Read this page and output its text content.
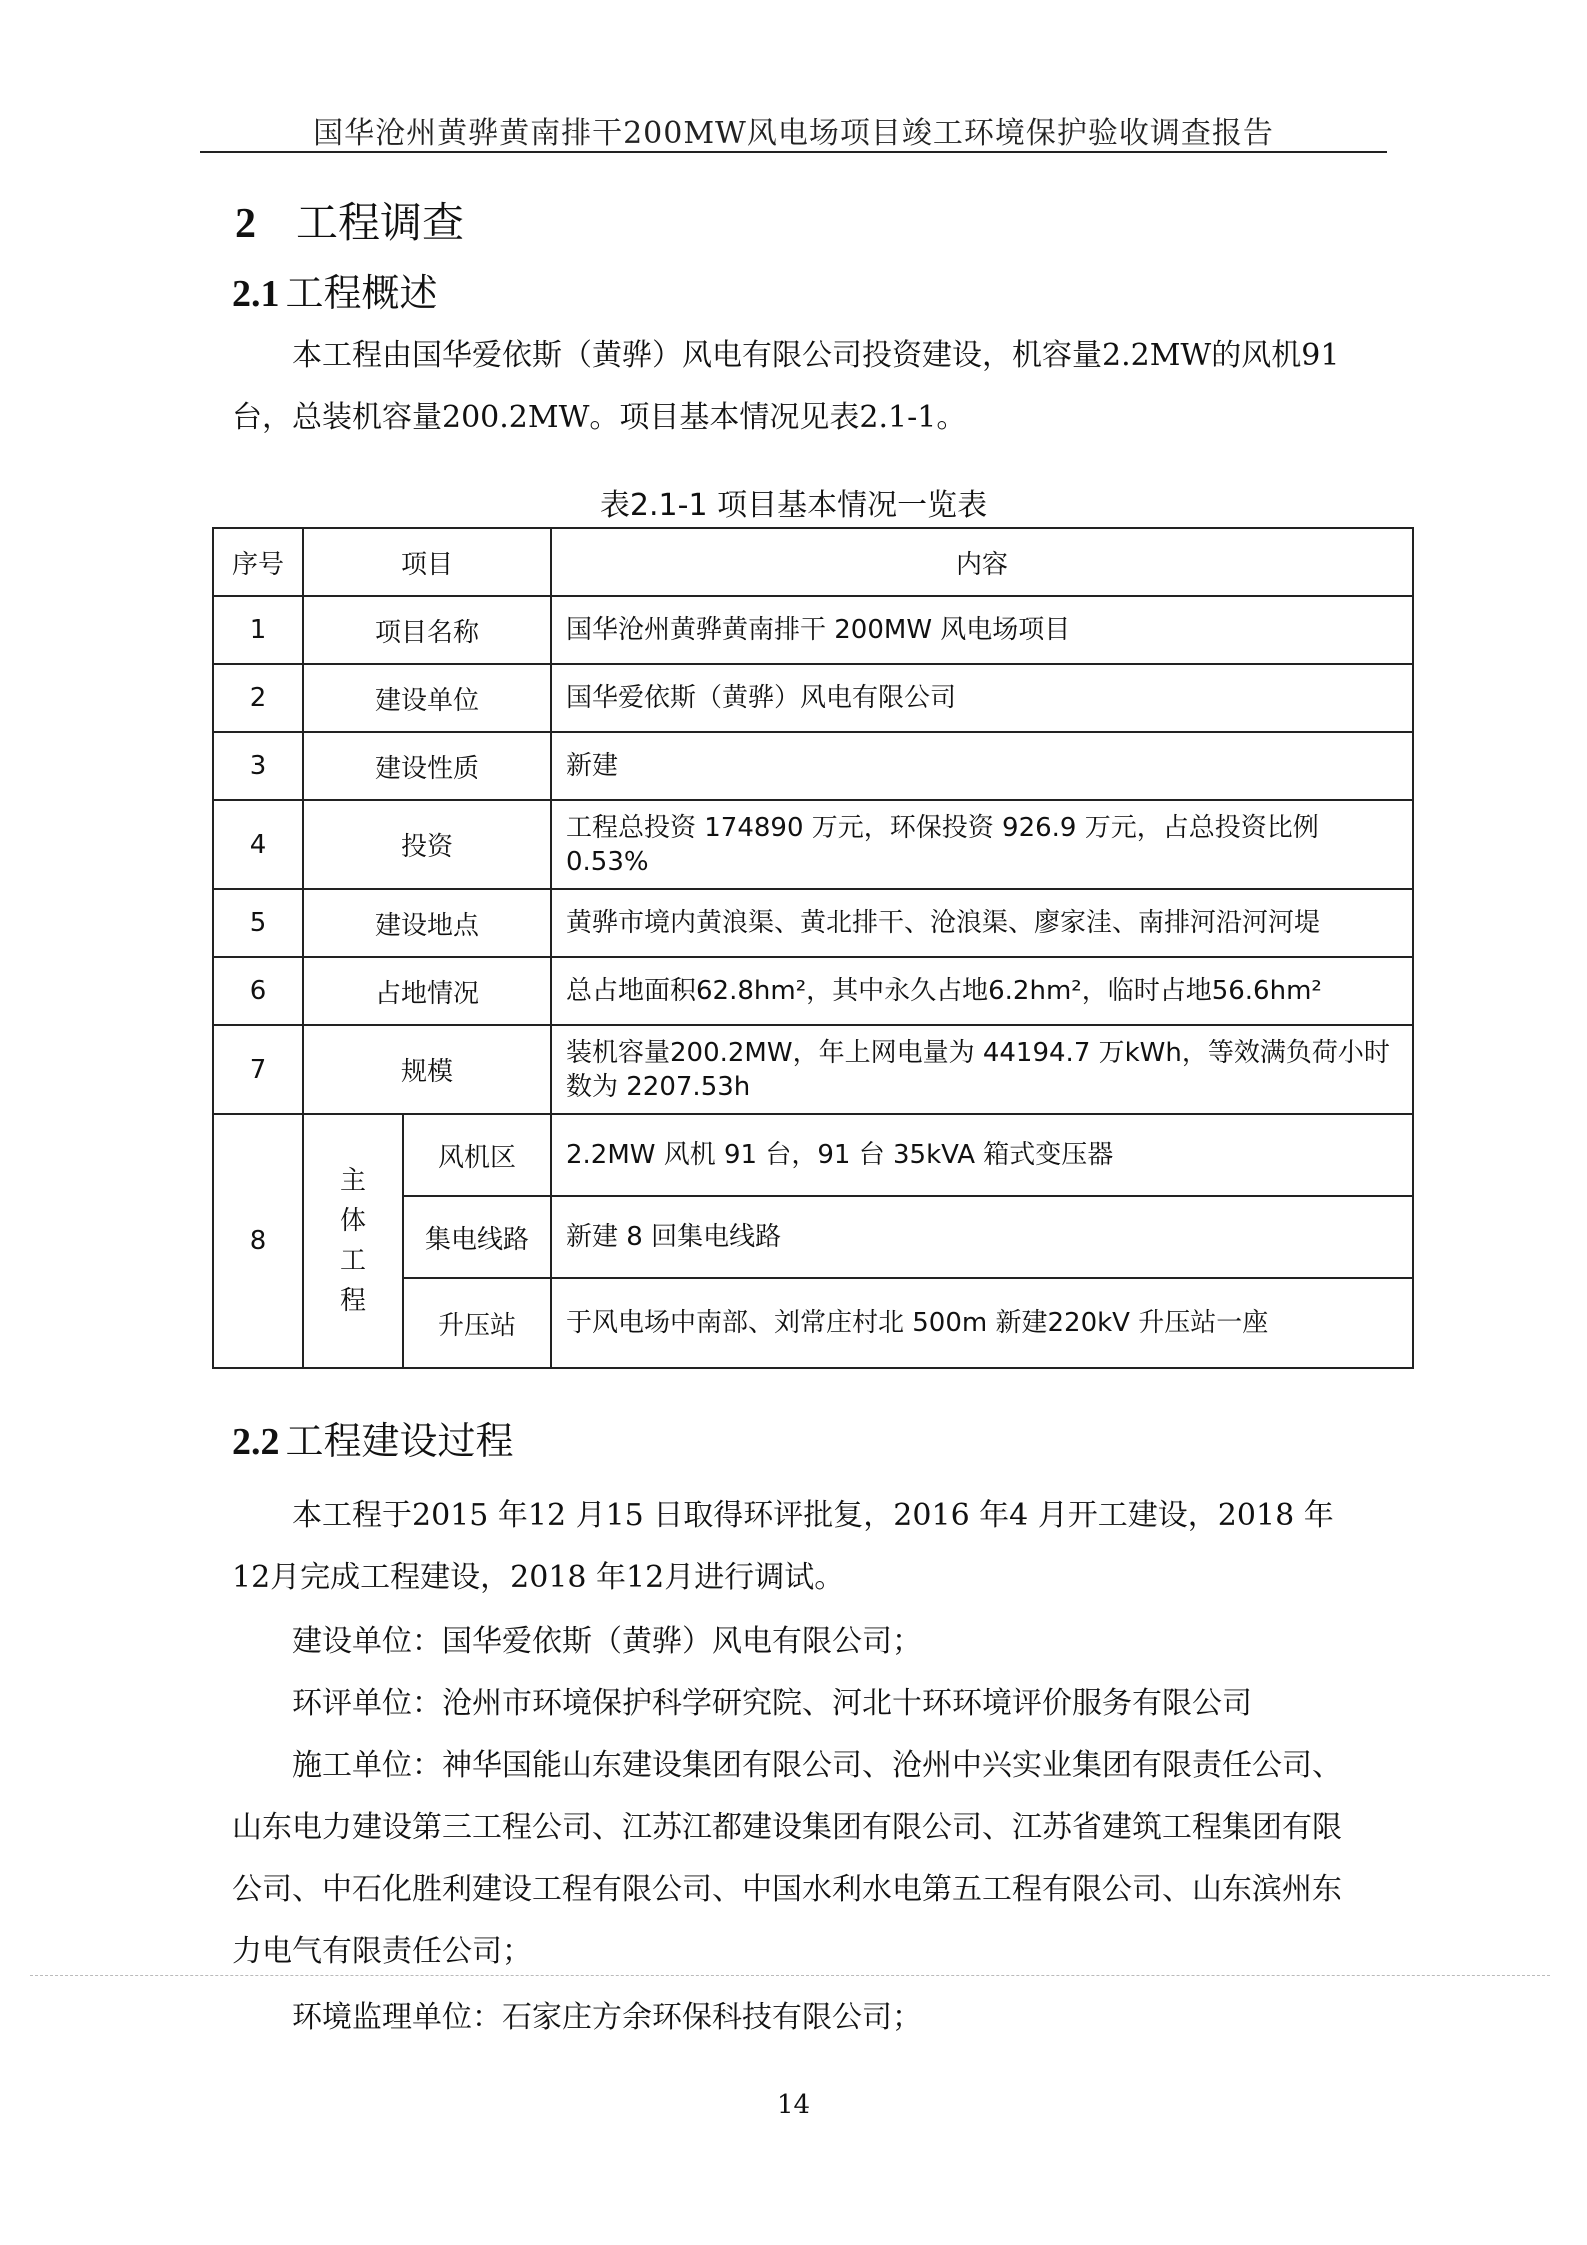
国华沧州黄骅黄南排干200MW风电场项目竣工环境保护验收调查报告
2 工程调查
2.1 工程概述
本工程由国华爱依斯（黄骅）风电有限公司投资建设，机容量2.2MW的风机91台，总装机容量200.2MW。项目基本情况见表2.1-1。
表2.1-1 项目基本情况一览表
序号	项目		内容
1	项目名称		国华沧州黄骅黄南排干 200MW 风电场项目
2	建设单位		国华爱依斯（黄骅）风电有限公司
3	建设性质		新建
4	投资		工程总投资 174890 万元，环保投资 926.9 万元，占总投资比例 0.53%
5	建设地点		黄骅市境内黄浪渠、黄北排干、沧浪渠、廖家洼、南排河沿河河堤
6	占地情况		总占地面积62.8hm²，其中永久占地6.2hm²，临时占地56.6hm²
7	规模		装机容量200.2MW，年上网电量为 44194.7 万kWh，等效满负荷小时数为 2207.53h
8	主体工程	风机区	2.2MW 风机 91 台，91 台 35kVA 箱式变压器
		集电线路	新建 8 回集电线路
		升压站	于风电场中南部、刘常庄村北 500m 新建220kV 升压站一座
2.2 工程建设过程
本工程于2015 年12 月15 日取得环评批复，2016 年4 月开工建设，2018 年12月完成工程建设，2018 年12月进行调试。
建设单位：国华爱依斯（黄骅）风电有限公司；
环评单位：沧州市环境保护科学研究院、河北十环环境评价服务有限公司
施工单位：神华国能山东建设集团有限公司、沧州中兴实业集团有限责任公司、山东电力建设第三工程公司、江苏江都建设集团有限公司、江苏省建筑工程集团有限公司、中石化胜利建设工程有限公司、中国水利水电第五工程有限公司、山东滨州东力电气有限责任公司；
环境监理单位：石家庄方余环保科技有限公司；
14
